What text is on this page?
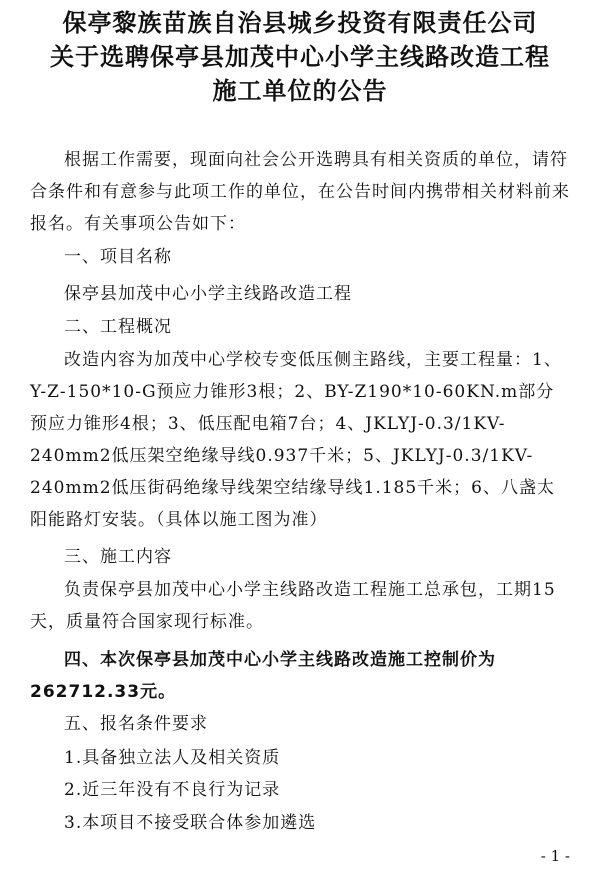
保亭黎族苗族自治县城乡投资有限责任公司
关于选聘保亭县加茂中心小学主线路改造工程
施工单位的公告
根据工作需要，现面向社会公开选聘具有相关资质的单位，请符合条件和有意参与此项工作的单位，在公告时间内携带相关材料前来报名。有关事项公告如下：
一、项目名称
保亭县加茂中心小学主线路改造工程
二、工程概况
改造内容为加茂中心学校专变低压侧主路线，主要工程量：1、Y-Z-150*10-G预应力锥形3根；2、BY-Z190*10-60KN.m部分预应力锥形4根；3、低压配电箱7台；4、JKLYJ-0.3/1KV-240mm2低压架空绝缘导线0.937千米；5、JKLYJ-0.3/1KV-240mm2低压街码绝缘导线架空结缘导线1.185千米；6、八盏太阳能路灯安装。（具体以施工图为准）
三、施工内容
负责保亭县加茂中心小学主线路改造工程施工总承包，工期15天，质量符合国家现行标准。
四、本次保亭县加茂中心小学主线路改造施工控制价为262712.33元。
五、报名条件要求
1.具备独立法人及相关资质
2.近三年没有不良行为记录
3.本项目不接受联合体参加遴选
- 1 -
